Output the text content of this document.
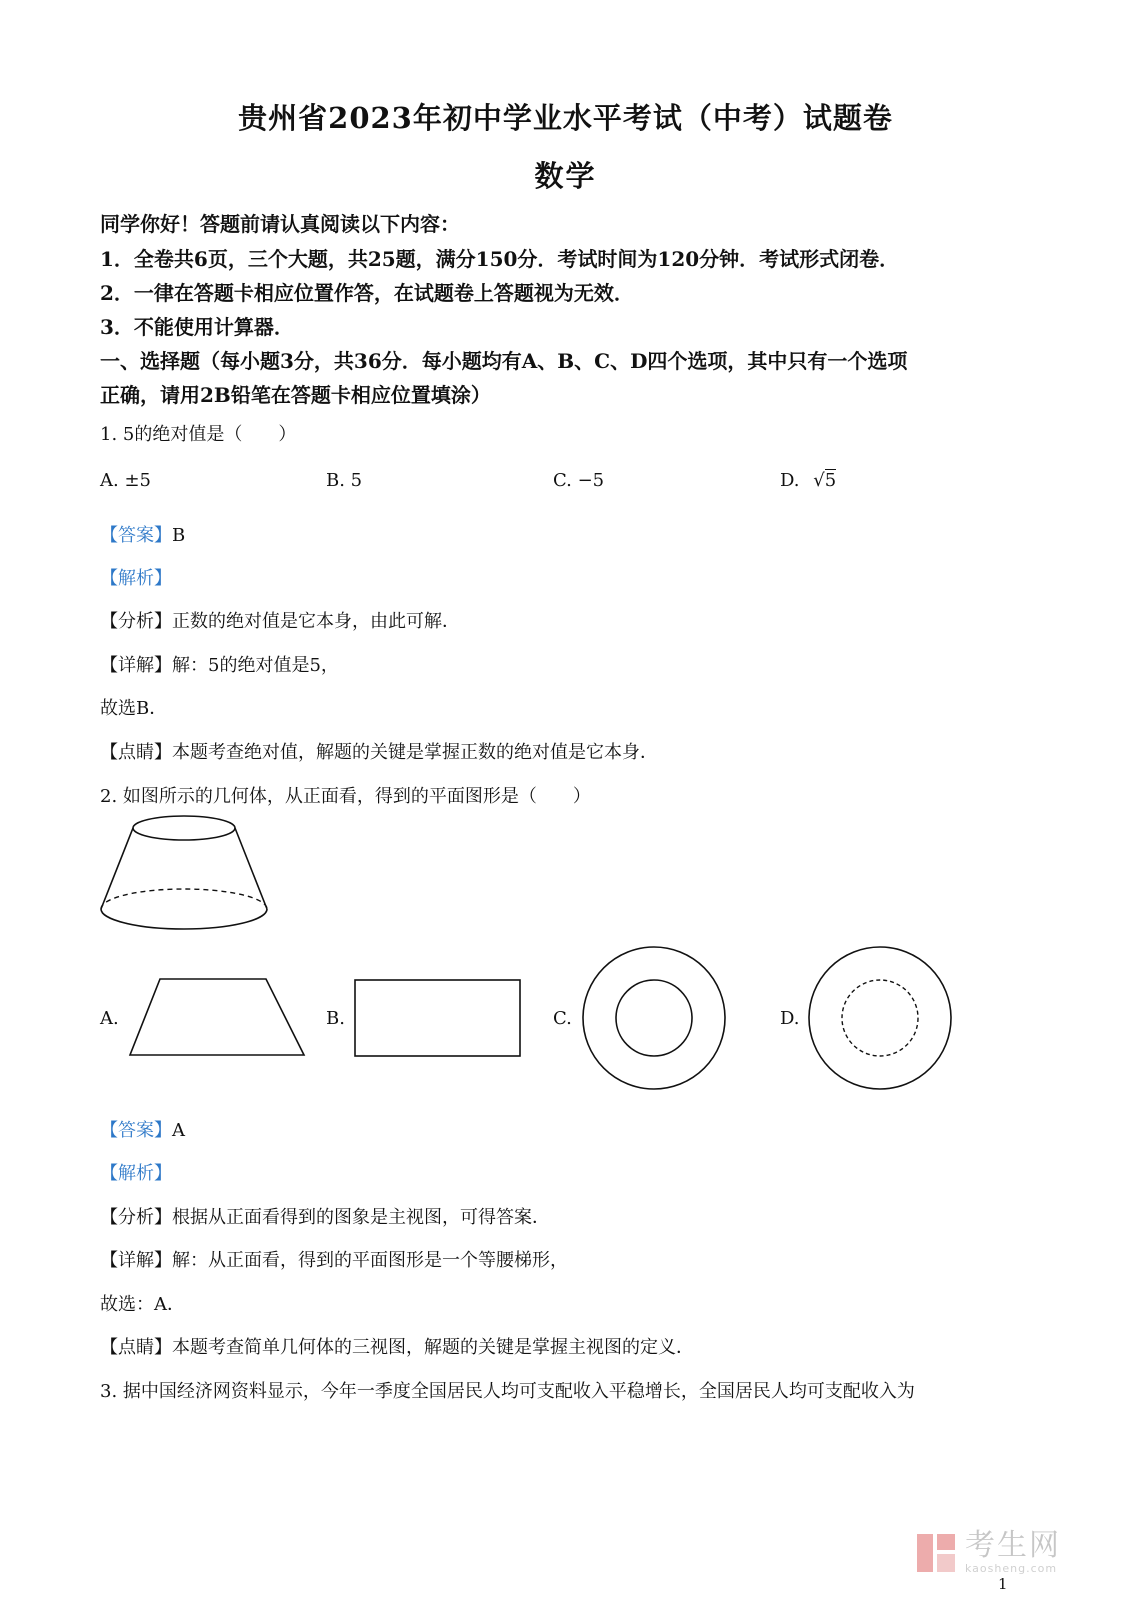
贵州省2023年初中学业水平考试（中考）试题卷
数学
同学你好！答题前请认真阅读以下内容：
1．全卷共6页，三个大题，共25题，满分150分．考试时间为120分钟．考试形式闭卷．
2．一律在答题卡相应位置作答，在试题卷上答题视为无效．
3．不能使用计算器．
一、选择题（每小题3分，共36分．每小题均有A、B、C、D四个选项，其中只有一个选项
正确，请用2B铅笔在答题卡相应位置填涂）
1. 5的绝对值是（　　）
A. ±5	B. 5	C. −5	D. √5
【答案】B
【解析】
【分析】正数的绝对值是它本身，由此可解．
【详解】解：5的绝对值是5，
故选B．
【点睛】本题考查绝对值，解题的关键是掌握正数的绝对值是它本身．
2. 如图所示的几何体，从正面看，得到的平面图形是（　　）
A.	B.	C.	D.
【答案】A
【解析】
【分析】根据从正面看得到的图象是主视图，可得答案．
【详解】解：从正面看，得到的平面图形是一个等腰梯形，
故选：A．
【点睛】本题考查简单几何体的三视图，解题的关键是掌握主视图的定义．
3. 据中国经济网资料显示，今年一季度全国居民人均可支配收入平稳增长，全国居民人均可支配收入为
考生网
kaosheng.com
1
